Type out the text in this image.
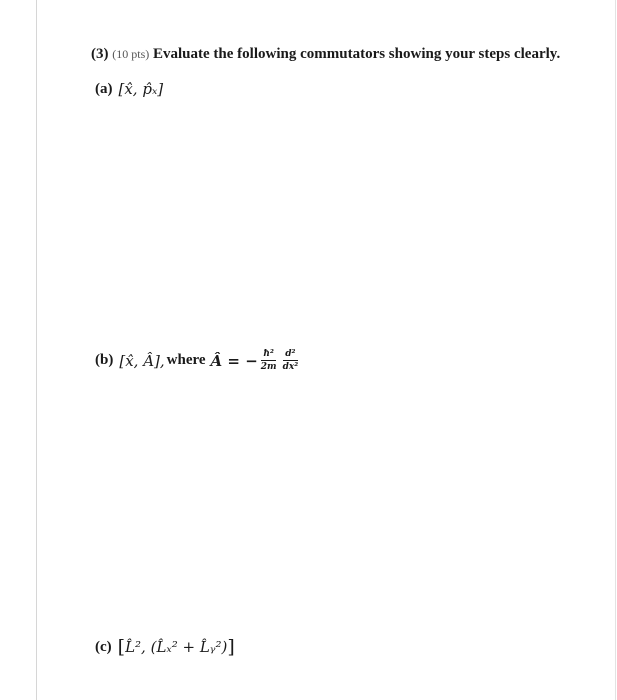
(3) (10 pts) Evaluate the following commutators showing your steps clearly.
(a) [x̂, p̂ₓ]
(b) [x̂, Â], where Â = − $\frac{\text{ħ²}}{2m} \frac{\text{d²}}{\text{dx²}}$
(c) [ L̂², (L̂ₓ² + L̂ᵧ²) ]
